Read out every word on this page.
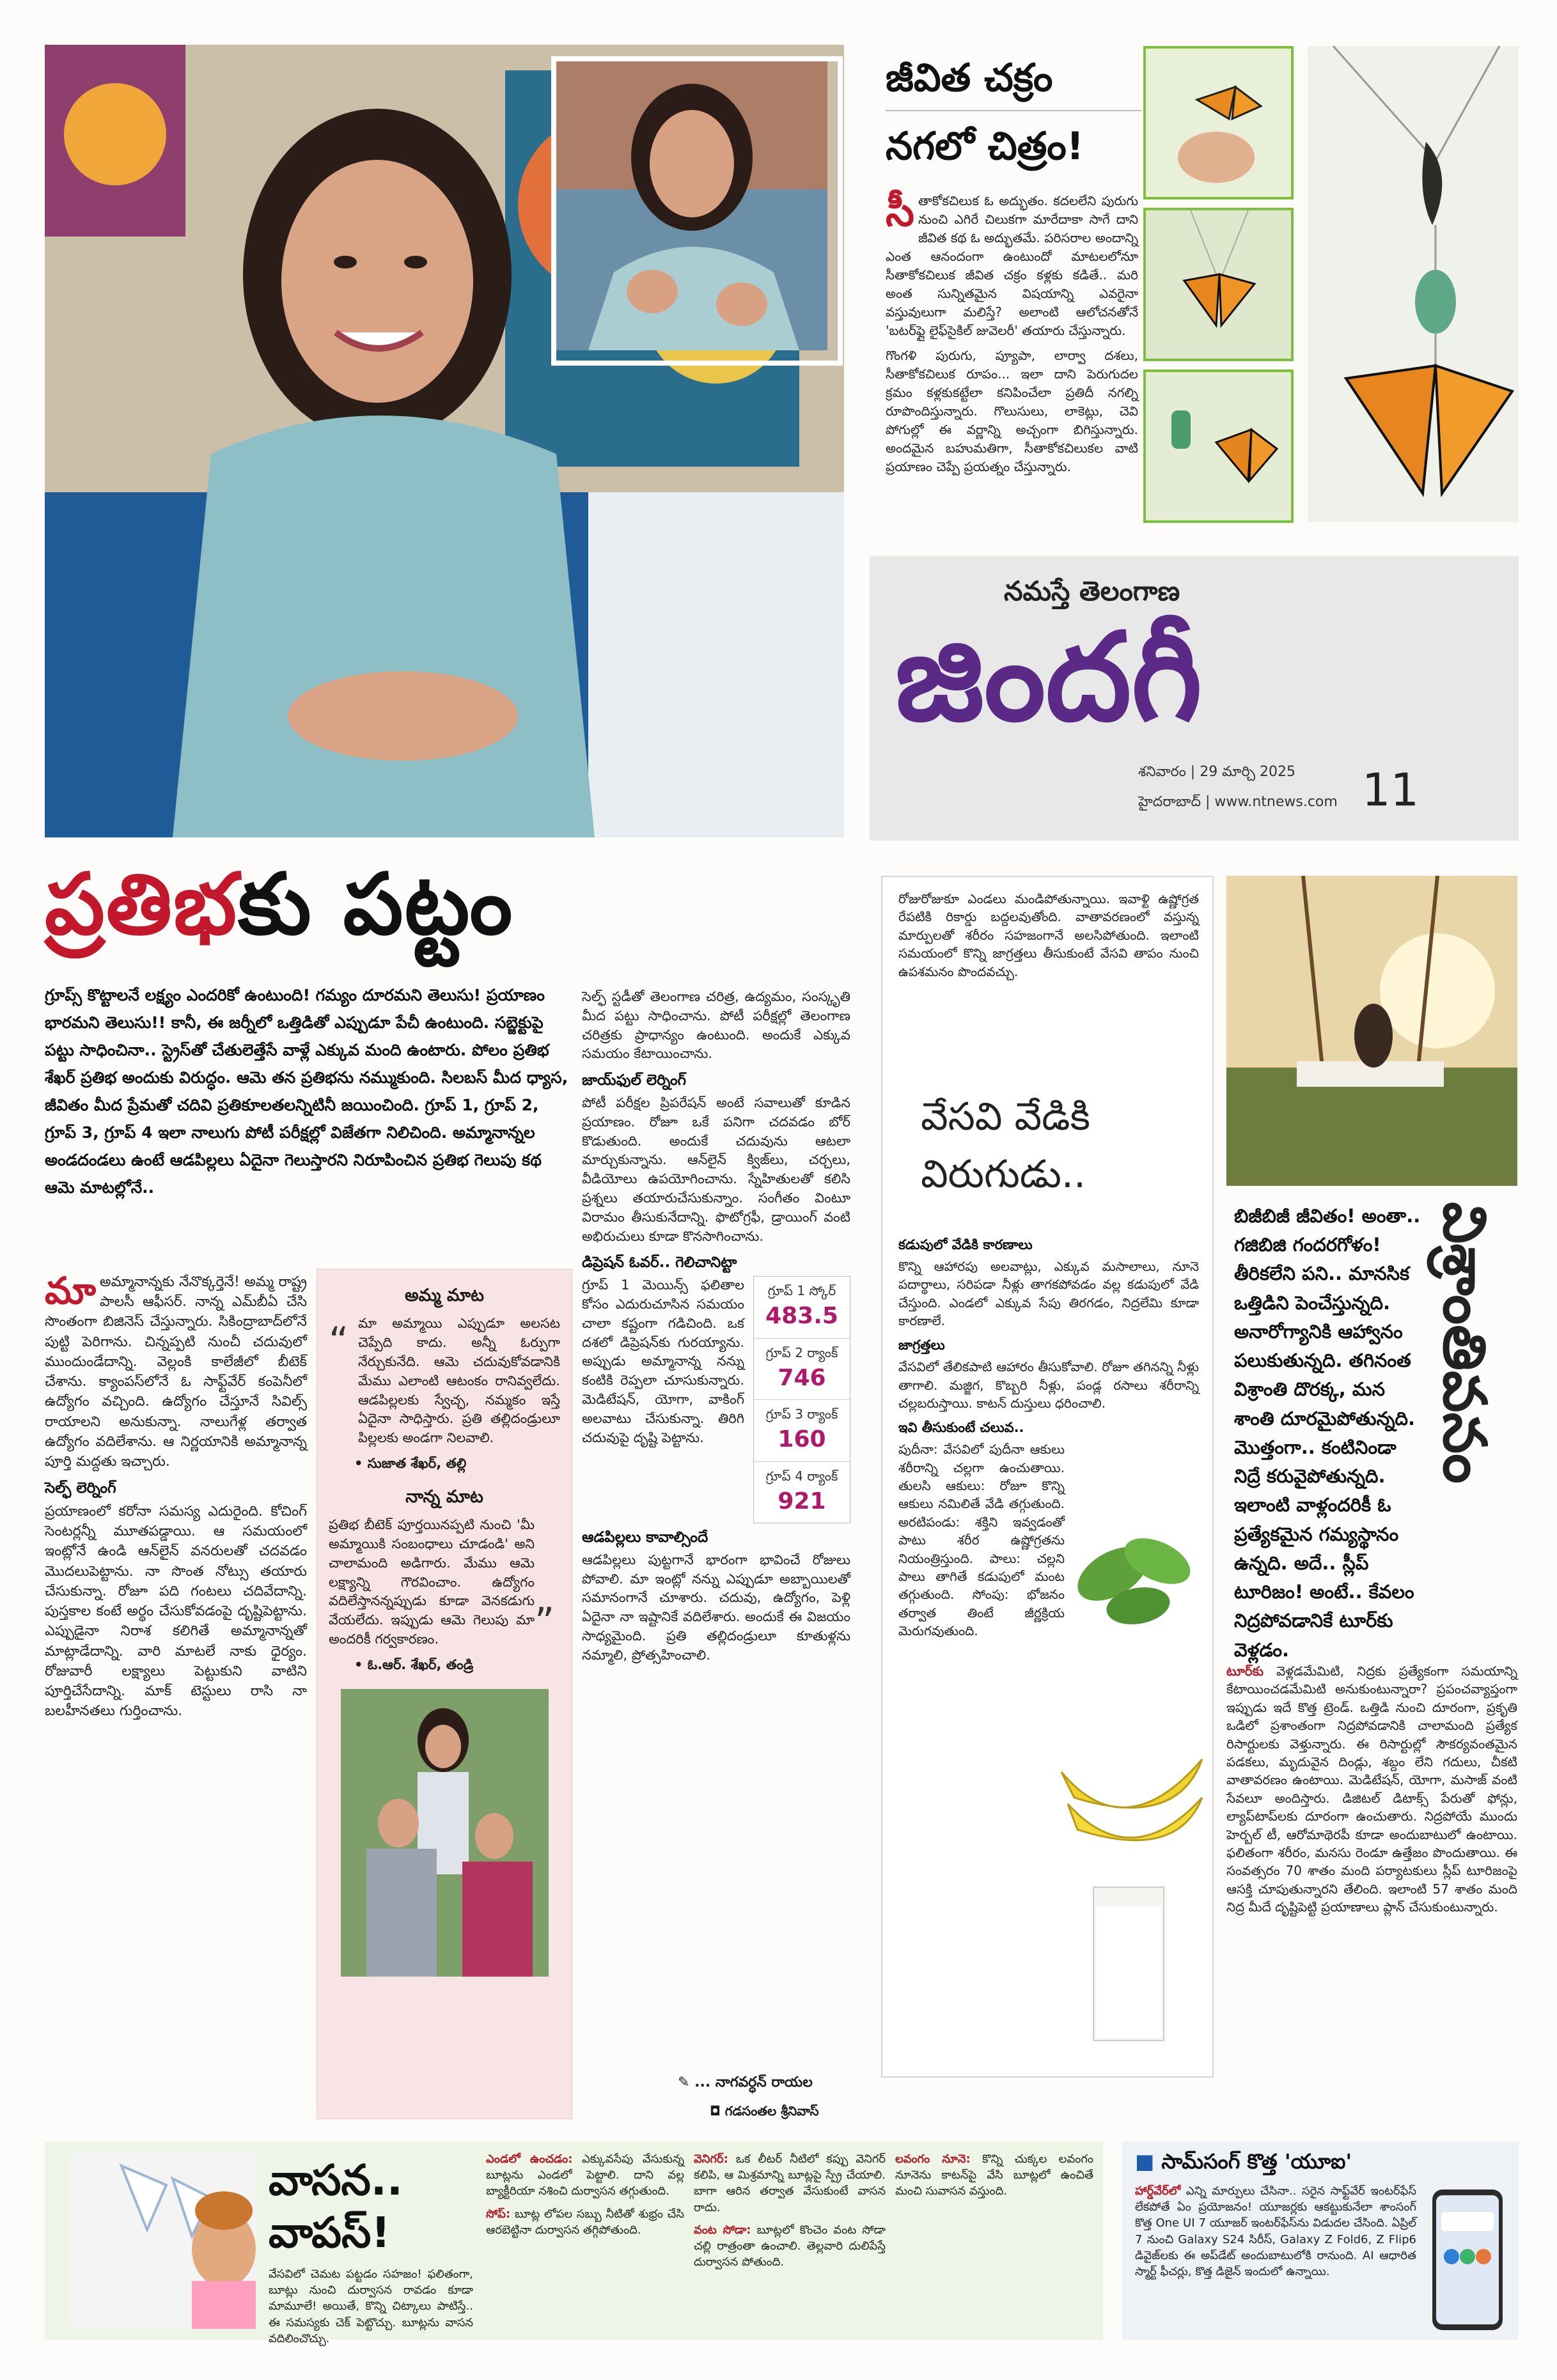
జీవిత చక్రం
నగలో చిత్రం!

సీతాకోకచిలుక ఓ అద్భుతం. కదలలేని పురుగు నుంచి ఎగిరే చిలుకగా మారేదాకా సాగే దాని జీవిత కథ ఓ అద్భుతమే. పరిసరాల అందాన్ని ఎంత ఆనందంగా ఉంటుందో మాటలలోనూ సీతాకోకచిలుక జీవిత చక్రం కళ్లకు కడితే.. మరి అంత సున్నితమైన విషయాన్ని ఎవరైనా వస్తువులుగా మలిస్తే? అలాంటి ఆలోచనతోనే 'బటర్‌ఫ్లై లైఫ్‌సైకిల్‌ జువెలరీ' తయారు చేస్తున్నారు.

గొంగళి పురుగు, ప్యూపా, లార్వా దశలు, సీతాకోకచిలుక రూపం... ఇలా దాని పెరుగుదల క్రమం కళ్లకుకట్టేలా కనిపించేలా ప్రతిదీ నగల్ని రూపొందిస్తున్నారు. గొలుసులు, లాకెట్లు, చెవి పోగుల్లో ఈ వర్ణాన్ని అచ్చంగా బిగిస్తున్నారు. అందమైన బహుమతిగా, సీతాకోకచిలుకల వాటి ప్రయాణం చెప్పే ప్రయత్నం చేస్తున్నారు.

నమస్తే తెలంగాణ
జిందగీ
శనివారం | 29 మార్చి 2025
హైదరాబాద్ | www.ntnews.com 11
ప్రతిభకు పట్టం
గ్రూప్స్‌ కొట్టాలనే లక్ష్యం ఎందరికో ఉంటుంది! గమ్యం దూరమని తెలుసు! ప్రయాణం భారమని తెలుసు!! కానీ, ఈ జర్నీలో ఒత్తిడితో ఎప్పుడూ పేచీ ఉంటుంది. సబ్జెక్టుపై పట్టు సాధించినా.. స్ట్రెస్‌తో చేతులెత్తేసే వాళ్లే ఎక్కువ మంది ఉంటారు. పోలం ప్రతిభ శేఖర్‌ ప్రతిభ అందుకు విరుద్ధం. ఆమె తన ప్రతిభను నమ్ముకుంది. సిలబస్‌ మీద ధ్యాస, జీవితం మీద ప్రేమతో చదివి ప్రతికూలతలన్నిటినీ జయించింది. గ్రూప్‌ 1, గ్రూప్‌ 2, గ్రూప్‌ 3, గ్రూప్‌ 4 ఇలా నాలుగు పోటీ పరీక్షల్లో విజేతగా నిలిచింది. అమ్మానాన్నల అండదండలు ఉంటే ఆడపిల్లలు ఏదైనా గెలుస్తారని నిరూపించిన ప్రతిభ గెలుపు కథ ఆమె మాటల్లోనే..

మాఅమ్మానాన్నకు నేనొక్కర్తెనే! అమ్మ రాష్ట్ర పాలసీ ఆఫీసర్. నాన్న ఎమ్‌బీఏ చేసి సొంతంగా బిజినెస్ చేస్తున్నారు. సికింద్రాబాద్‌లోనే పుట్టి పెరిగాను. చిన్నప్పటి నుంచీ చదువులో ముందుండేదాన్ని. వెల్లంకి కాలేజీలో బీటెక్ చేశాను. క్యాంపస్‌లోనే ఓ సాఫ్ట్‌వేర్ కంపెనీలో ఉద్యోగం వచ్చింది. ఉద్యోగం చేస్తూనే సివిల్స్ రాయాలని అనుకున్నా. నాలుగేళ్ల తర్వాత ఉద్యోగం వదిలేశాను. ఆ నిర్ణయానికి అమ్మానాన్న పూర్తి మద్దతు ఇచ్చారు.

సెల్ఫ్ లెర్నింగ్

ప్రయాణంలో కరోనా సమస్య ఎదురైంది. కోచింగ్ సెంటర్లన్నీ మూతపడ్డాయి. ఆ సమయంలో ఇంట్లోనే ఉండి ఆన్‌లైన్ వనరులతో చదవడం మొదలుపెట్టాను. నా సొంత నోట్సు తయారు చేసుకున్నా. రోజూ పది గంటలు చదివేదాన్ని. పుస్తకాల కంటే అర్థం చేసుకోవడంపై దృష్టిపెట్టాను. ఎప్పుడైనా నిరాశ కలిగితే అమ్మానాన్నతో మాట్లాడేదాన్ని. వారి మాటలే నాకు ధైర్యం. రోజువారీ లక్ష్యాలు పెట్టుకుని వాటిని పూర్తిచేసేదాన్ని. మాక్ టెస్టులు రాసి నా బలహీనతలు గుర్తించాను.

అమ్మ మాట
“ మా అమ్మాయి ఎప్పుడూ అలసట చెప్పేది కాదు. అన్నీ ఓర్పుగా నేర్చుకునేది. ఆమె చదువుకోవడానికి మేము ఎలాంటి ఆటంకం రానివ్వలేదు. ఆడపిల్లలకు స్వేచ్ఛ, నమ్మకం ఇస్తే ఏదైనా సాధిస్తారు. ప్రతి తల్లిదండ్రులూ పిల్లలకు అండగా నిలవాలి.
• సుజాత శేఖర్, తల్లి
నాన్న మాట
ప్రతిభ బీటెక్ పూర్తయినప్పటి నుంచి 'మీ అమ్మాయికి సంబంధాలు చూడండి' అని చాలామంది అడిగారు. మేము ఆమె లక్ష్యాన్ని గౌరవించాం. ఉద్యోగం వదిలేస్తానన్నప్పుడు కూడా వెనకడుగు వేయలేదు. ఇప్పుడు ఆమె గెలుపు మా అందరికీ గర్వకారణం.	”
• ఓ.ఆర్. శేఖర్, తండ్రి

సెల్ఫ్ స్టడీతో తెలంగాణ చరిత్ర, ఉద్యమం, సంస్కృతి మీద పట్టు సాధించాను. పోటీ పరీక్షల్లో తెలంగాణ చరిత్రకు ప్రాధాన్యం ఉంటుంది. అందుకే ఎక్కువ సమయం కేటాయించాను.

జాయ్‌ఫుల్ లెర్నింగ్

పోటీ పరీక్షల ప్రిపరేషన్ అంటే సవాలుతో కూడిన ప్రయాణం. రోజూ ఒకే పనిగా చదవడం బోర్ కొడుతుంది. అందుకే చదువును ఆటలా మార్చుకున్నాను. ఆన్‌లైన్ క్విజ్‌లు, చర్చలు, వీడియోలు ఉపయోగించాను. స్నేహితులతో కలిసి ప్రశ్నలు తయారుచేసుకున్నాం. సంగీతం వింటూ విరామం తీసుకునేదాన్ని. ఫొటోగ్రఫీ, డ్రాయింగ్ వంటి అభిరుచులు కూడా కొనసాగించాను.

డిప్రెషన్ ఓవర్.. గెలిచానిట్టా

గ్రూప్ 1 మెయిన్స్ ఫలితాల కోసం ఎదురుచూసిన సమయం చాలా కష్టంగా గడిచింది. ఒక దశలో డిప్రెషన్‌కు గురయ్యాను. అప్పుడు అమ్మానాన్న నన్ను కంటికి రెప్పలా చూసుకున్నారు. మెడిటేషన్, యోగా, వాకింగ్ అలవాటు చేసుకున్నా. తిరిగి చదువుపై దృష్టి పెట్టాను.

గ్రూప్ 1 స్కోర్
483.5
గ్రూప్ 2 ర్యాంక్
746
గ్రూప్ 3 ర్యాంక్
160
గ్రూప్ 4 ర్యాంక్
921
ఆడపిల్లలు కావాల్సిందే

ఆడపిల్లలు పుట్టగానే భారంగా భావించే రోజులు పోవాలి. మా ఇంట్లో నన్ను ఎప్పుడూ అబ్బాయిలతో సమానంగానే చూశారు. చదువు, ఉద్యోగం, పెళ్లి ఏదైనా నా ఇష్టానికే వదిలేశారు. అందుకే ఈ విజయం సాధ్యమైంది. ప్రతి తల్లిదండ్రులూ కూతుళ్లను నమ్మాలి, ప్రోత్సహించాలి.

✎ ... నాగవర్ధన్ రాయల
◘ గడసంతల శ్రీనివాస్
రోజురోజుకూ ఎండలు మండిపోతున్నాయి. ఇవాళ్టి ఉష్ణోగ్రత రేపటికి రికార్డు బద్దలవుతోంది. వాతావరణంలో వస్తున్న మార్పులతో శరీరం సహజంగానే అలసిపోతుంది. ఇలాంటి సమయంలో కొన్ని జాగ్రత్తలు తీసుకుంటే వేసవి తాపం నుంచి ఉపశమనం పొందవచ్చు.
వేసవి వేడికి
విరుగుడు..
కడుపులో వేడికి కారణాలు

కొన్ని ఆహారపు అలవాట్లు, ఎక్కువ మసాలాలు, నూనె పదార్థాలు, సరిపడా నీళ్లు తాగకపోవడం వల్ల కడుపులో వేడి చేస్తుంది. ఎండలో ఎక్కువ సేపు తిరగడం, నిద్రలేమి కూడా కారణాలే.

జాగ్రత్తలు

వేసవిలో తేలికపాటి ఆహారం తీసుకోవాలి. రోజూ తగినన్ని నీళ్లు తాగాలి. మజ్జిగ, కొబ్బరి నీళ్లు, పండ్ల రసాలు శరీరాన్ని చల్లబరుస్తాయి. కాటన్ దుస్తులు ధరించాలి.

ఇవి తీసుకుంటే చలువ..

పుదీనా: వేసవిలో పుదీనా ఆకులు శరీరాన్ని చల్లగా ఉంచుతాయి. తులసి ఆకులు: రోజూ కొన్ని ఆకులు నమిలితే వేడి తగ్గుతుంది. అరటిపండు: శక్తిని ఇవ్వడంతో పాటు శరీర ఉష్ణోగ్రతను నియంత్రిస్తుంది. పాలు: చల్లని పాలు తాగితే కడుపులో మంట తగ్గుతుంది. సోంపు: భోజనం తర్వాత తింటే జీర్ణక్రియ మెరుగవుతుంది.

విశ్రాంతివనం
బిజీబిజీ జీవితం! అంతా.. గజిబిజి గందరగోళం! తీరికలేని పని.. మానసిక ఒత్తిడిని పెంచేస్తున్నది. అనారోగ్యానికి ఆహ్వానం పలుకుతున్నది. తగినంత విశ్రాంతి దొరక్క, మన శాంతి దూరమైపోతున్నది. మొత్తంగా.. కంటినిండా నిద్రే కరువైపోతున్నది. ఇలాంటి వాళ్లందరికీ ఓ ప్రత్యేకమైన గమ్యస్థానం ఉన్నది. అదే.. స్లీప్ టూరిజం! అంటే.. కేవలం నిద్రపోవడానికే టూర్‌కు వెళ్లడం.
టూర్‌కు వెళ్లడమేమిటి, నిద్రకు ప్రత్యేకంగా సమయాన్ని కేటాయించడమేమిటి అనుకుంటున్నారా? ప్రపంచవ్యాప్తంగా ఇప్పుడు ఇదే కొత్త ట్రెండ్. ఒత్తిడి నుంచి దూరంగా, ప్రకృతి ఒడిలో ప్రశాంతంగా నిద్రపోవడానికి చాలామంది ప్రత్యేక రిసార్టులకు వెళ్తున్నారు. ఈ రిసార్టుల్లో సౌకర్యవంతమైన పడకలు, మృదువైన దిండ్లు, శబ్దం లేని గదులు, చీకటి వాతావరణం ఉంటాయి. మెడిటేషన్, యోగా, మసాజ్ వంటి సేవలూ అందిస్తారు. డిజిటల్ డిటాక్స్ పేరుతో ఫోన్లు, ల్యాప్‌టాప్‌లకు దూరంగా ఉంచుతారు. నిద్రపోయే ముందు హెర్బల్ టీ, ఆరోమాథెరపీ కూడా అందుబాటులో ఉంటాయి. ఫలితంగా శరీరం, మనసు రెండూ ఉత్తేజం పొందుతాయి. ఈ సంవత్సరం 70 శాతం మంది పర్యాటకులు స్లీప్ టూరిజంపై ఆసక్తి చూపుతున్నారని తేలింది. ఇలాంటి 57 శాతం మంది నిద్ర మీదే దృష్టిపెట్టి ప్రయాణాలు ప్లాన్ చేసుకుంటున్నారు.
వాసన..
వాపస్!
వేసవిలో చెమట పట్టడం సహజం! ఫలితంగా, బూట్లు నుంచి దుర్వాసన రావడం కూడా మామూలే! అయితే, కొన్ని చిట్కాలు పాటిస్తే.. ఈ సమస్యకు చెక్ పెట్టొచ్చు. బూట్లను వాసన వదిలించొచ్చు.

ఎండలో ఉంచడం: ఎక్కువసేపు వేసుకున్న బూట్లను ఎండలో పెట్టాలి. దాని వల్ల బ్యాక్టీరియా నశించి దుర్వాసన తగ్గుతుంది.

సోప్: బూట్ల లోపల సబ్బు నీటితో శుభ్రం చేసి ఆరబెట్టినా దుర్వాసన తగ్గిపోతుంది.

వెనిగర్: ఒక లీటర్ నీటిలో కప్పు వెనిగర్ కలిపి, ఆ మిశ్రమాన్ని బూట్లపై స్ప్రే చేయాలి. బాగా ఆరిన తర్వాత వేసుకుంటే వాసన రాదు.

వంట సోడా: బూట్లలో కొంచెం వంట సోడా చల్లి రాత్రంతా ఉంచాలి. తెల్లవారి దులిపేస్తే దుర్వాసన పోతుంది.

లవంగం నూనె: కొన్ని చుక్కల లవంగం నూనెను కాటన్‌పై వేసి బూట్లలో ఉంచితే మంచి సువాసన వస్తుంది.

■ సామ్‌సంగ్ కొత్త 'యూఐ'
హార్డ్‌వేర్‌లో ఎన్ని మార్పులు చేసినా.. సరైన సాఫ్ట్‌వేర్ ఇంటర్‌ఫేస్ లేకపోతే ఏం ప్రయోజనం! యూజర్లకు ఆకట్టుకునేలా శాంసంగ్ కొత్త One UI 7 యూజర్ ఇంటర్‌ఫేస్‌ను విడుదల చేసింది. ఏప్రిల్ 7 నుంచి Galaxy S24 సిరీస్, Galaxy Z Fold6, Z Flip6 డివైజ్‌లకు ఈ అప్‌డేట్ అందుబాటులోకి రానుంది. AI ఆధారిత స్మార్ట్ ఫీచర్లు, కొత్త డిజైన్ ఇందులో ఉన్నాయి.
